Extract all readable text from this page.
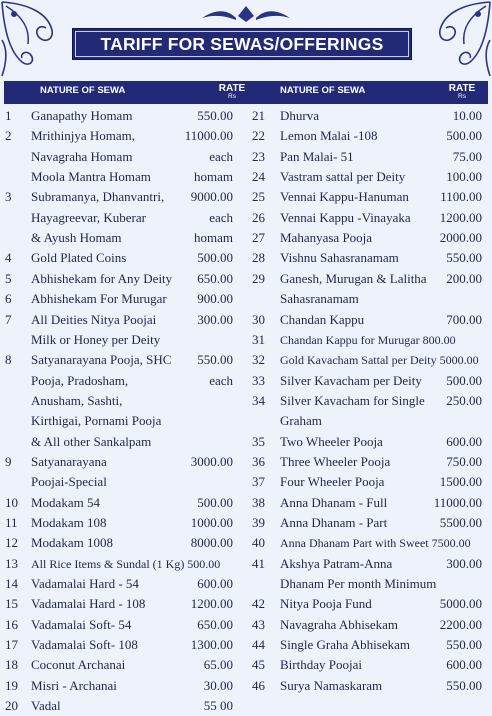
TARIFF FOR SEWAS/OFFERINGS
NATURE OF SEWA	RATE
Rs
NATURE OF SEWA	RATE
Rs
1 Ganapathy Homam	550.00
2 Mrithinjya Homam,	11000.00
Navagraha Homam	each
Moola Mantra Homam	homam
3 Subramanya, Dhanvantri, 9000.00
Hayagreevar, Kuberar	each
& Ayush Homam	homam
4 Gold Plated Coins	500.00
5 Abhishekam for Any Deity 650.00
6 Abhishekam For Murugar 900.00
7 All Deities Nitya Poojai	300.00
Milk or Honey per Deity
8 Satyanarayana Pooja, SHC 550.00
Pooja, Pradosham,	each
Anusham, Sashti,
Kirthigai, Pornami Pooja
& All other Sankalpam
9 Satyanarayana	3000.00
Poojai-Special
10 Modakam 54	500.00
11 Modakam 108	1000.00
12 Modakam 1008	8000.00
13 All Rice Items & Sundal (1 Kg) 500.00
14 Vadamalai Hard - 54	600.00
15 Vadamalai Hard - 108	1200.00
16 Vadamalai Soft- 54	650.00
17 Vadamalai Soft- 108	1300.00
18 Coconut Archanai	65.00
19 Misri - Archanai	30.00
20 Vadal	55 00
21 Dhurva	10.00
22 Lemon Malai -108	500.00
23 Pan Malai- 51	75.00
24 Vastram sattal per Deity	100.00
25 Vennai Kappu-Hanuman 1100.00
26 Vennai Kappu -Vinayaka 1200.00
27 Mahanyasa Pooja	2000.00
28 Vishnu Sahasranamam	550.00
29 Ganesh, Murugan & Lalitha 200.00
Sahasranamam
30 Chandan Kappu	700.00
31 Chandan Kappu for Murugar 800.00
32 Gold Kavacham Sattal per Deity 5000.00
33 Silver Kavacham per Deity 500.00
34 Silver Kavacham for Single 250.00
Graham
35 Two Wheeler Pooja	600.00
36 Three Wheeler Pooja	750.00
37 Four Wheeler Pooja	1500.00
38 Anna Dhanam - Full	11000.00
39 Anna Dhanam - Part	5500.00
40 Anna Dhanam Part with Sweet 7500.00
41 Akshya Patram-Anna	300.00
Dhanam Per month Minimum
42 Nitya Pooja Fund	5000.00
43 Navagraha Abhisekam	2200.00
44 Single Graha Abhisekam	550.00
45 Birthday Poojai	600.00
46 Surya Namaskaram	550.00
